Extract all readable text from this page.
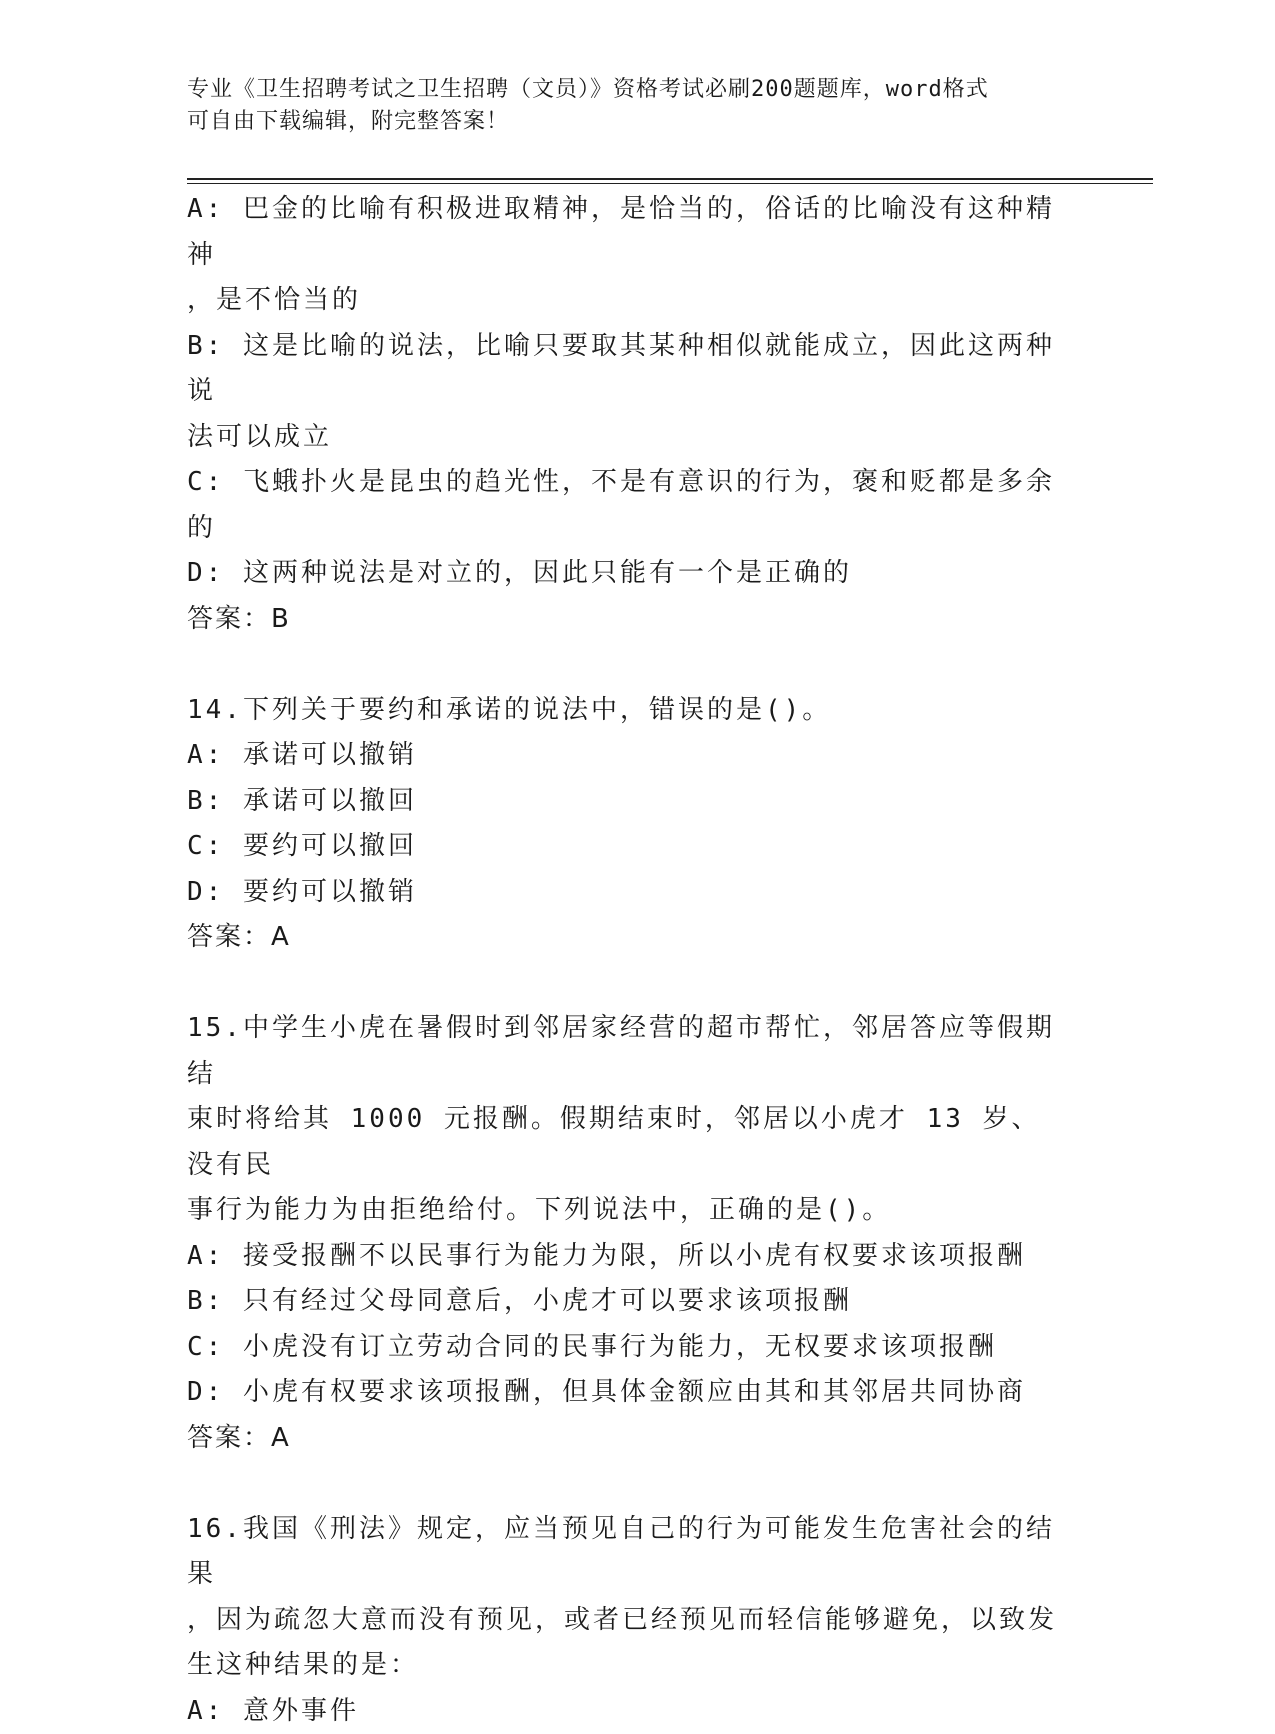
专业《卫生招聘考试之卫生招聘（文员）》资格考试必刷200题题库，word格式
可自由下载编辑，附完整答案！
A: 巴金的比喻有积极进取精神，是恰当的，俗话的比喻没有这种精神
，是不恰当的
B: 这是比喻的说法，比喻只要取其某种相似就能成立，因此这两种说
法可以成立
C: 飞蛾扑火是昆虫的趋光性，不是有意识的行为，褒和贬都是多余的
D: 这两种说法是对立的，因此只能有一个是正确的
答案：B
14.下列关于要约和承诺的说法中，错误的是()。
A: 承诺可以撤销
B: 承诺可以撤回
C: 要约可以撤回
D: 要约可以撤销
答案：A
15.中学生小虎在暑假时到邻居家经营的超市帮忙，邻居答应等假期结
束时将给其 1000 元报酬。假期结束时，邻居以小虎才 13 岁、没有民
事行为能力为由拒绝给付。下列说法中，正确的是()。
A: 接受报酬不以民事行为能力为限，所以小虎有权要求该项报酬
B: 只有经过父母同意后，小虎才可以要求该项报酬
C: 小虎没有订立劳动合同的民事行为能力，无权要求该项报酬
D: 小虎有权要求该项报酬，但具体金额应由其和其邻居共同协商
答案：A
16.我国《刑法》规定，应当预见自己的行为可能发生危害社会的结果
，因为疏忽大意而没有预见，或者已经预见而轻信能够避免，以致发
生这种结果的是：
A: 意外事件
